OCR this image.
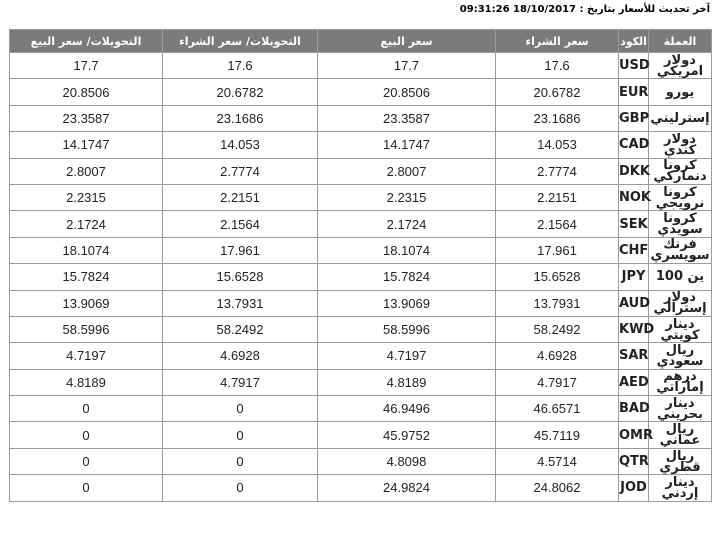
آخر تحديث للأسعار بتاريخ : 18/10/2017 09:31:26
العملة	الكود	سعر الشراء	سعر البيع	التحويلات/ سعر الشراء	التحويلات/ سعر البيع
دولار امريكي	USD	17.6	17.7	17.6	17.7
يورو	EUR	20.6782	20.8506	20.6782	20.8506
إسترليني	GBP	23.1686	23.3587	23.1686	23.3587
دولار كندي	CAD	14.053	14.1747	14.053	14.1747
كرونا دنماركي	DKK	2.7774	2.8007	2.7774	2.8007
كرونا نرويجي	NOK	2.2151	2.2315	2.2151	2.2315
كرونا سويدي	SEK	2.1564	2.1724	2.1564	2.1724
فرنك سويسري	CHF	17.961	18.1074	17.961	18.1074
ين 100	JPY	15.6528	15.7824	15.6528	15.7824
دولار إسترالي	AUD	13.7931	13.9069	13.7931	13.9069
دينار كويتي	KWD	58.2492	58.5996	58.2492	58.5996
ريال سعودي	SAR	4.6928	4.7197	4.6928	4.7197
درهم إماراتي	AED	4.7917	4.8189	4.7917	4.8189
دينار بحريني	BAD	46.6571	46.9496	0	0
ريال عماني	OMR	45.7119	45.9752	0	0
ريال قطري	QTR	4.5714	4.8098	0	0
دينار إردني	JOD	24.8062	24.9824	0	0
